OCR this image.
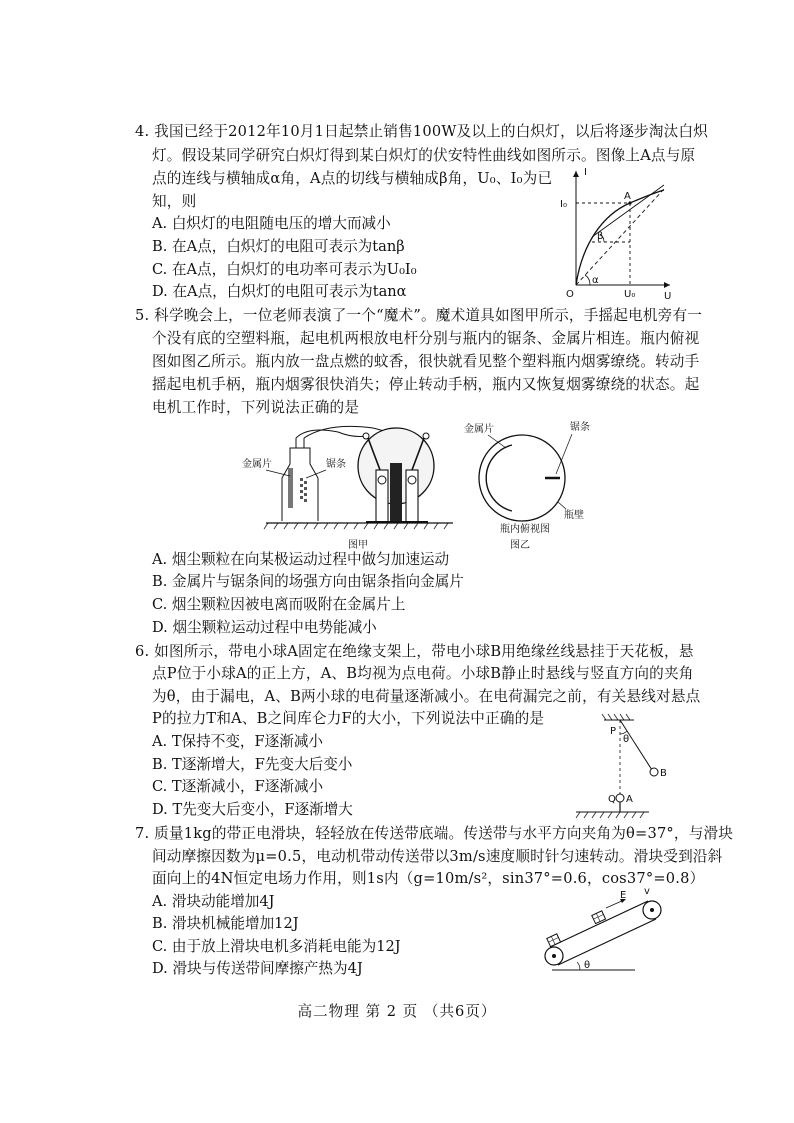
4. 我国已经于2012年10月1日起禁止销售100W及以上的白炽灯，以后将逐步淘汰白炽
灯。假设某同学研究白炽灯得到某白炽灯的伏安特性曲线如图所示。图像上A点与原
点的连线与横轴成α角，A点的切线与横轴成β角，U₀、I₀为已
知，则
A. 白炽灯的电阻随电压的增大而减小
B. 在A点，白炽灯的电阻可表示为tanβ
C. 在A点，白炽灯的电功率可表示为U₀I₀
D. 在A点，白炽灯的电阻可表示为tanα
I
U
O
A
I₀
U₀
α
β
5. 科学晚会上，一位老师表演了一个“魔术”。魔术道具如图甲所示，手摇起电机旁有一
个没有底的空塑料瓶，起电机两根放电杆分别与瓶内的锯条、金属片相连。瓶内俯视
图如图乙所示。瓶内放一盘点燃的蚊香，很快就看见整个塑料瓶内烟雾缭绕。转动手
摇起电机手柄，瓶内烟雾很快消失；停止转动手柄，瓶内又恢复烟雾缭绕的状态。起
电机工作时，下列说法正确的是
金属片	锯条
图甲
金属片	锯条
瓶壁
瓶内俯视图
图乙
A. 烟尘颗粒在向某极运动过程中做匀加速运动
B. 金属片与锯条间的场强方向由锯条指向金属片
C. 烟尘颗粒因被电离而吸附在金属片上
D. 烟尘颗粒运动过程中电势能减小
6. 如图所示，带电小球A固定在绝缘支架上，带电小球B用绝缘丝线悬挂于天花板，悬
点P位于小球A的正上方，A、B均视为点电荷。小球B静止时悬线与竖直方向的夹角
为θ，由于漏电，A、B两小球的电荷量逐渐减小。在电荷漏完之前，有关悬线对悬点
P的拉力T和A、B之间库仑力F的大小，下列说法中正确的是
A. T保持不变，F逐渐减小
B. T逐渐增大，F先变大后变小
C. T逐渐减小，F逐渐减小
D. T先变大后变小，F逐渐增大
P
θ
B
Q A
7. 质量1kg的带正电滑块，轻轻放在传送带底端。传送带与水平方向夹角为θ=37°，与滑块
间动摩擦因数为μ=0.5，电动机带动传送带以3m/s速度顺时针匀速转动。滑块受到沿斜
面向上的4N恒定电场力作用，则1s内（g=10m/s²，sin37°=0.6，cos37°=0.8）
A. 滑块动能增加4J
B. 滑块机械能增加12J
C. 由于放上滑块电机多消耗电能为12J
D. 滑块与传送带间摩擦产热为4J
E v
θ
高二物理 第 2 页 （共6页）
